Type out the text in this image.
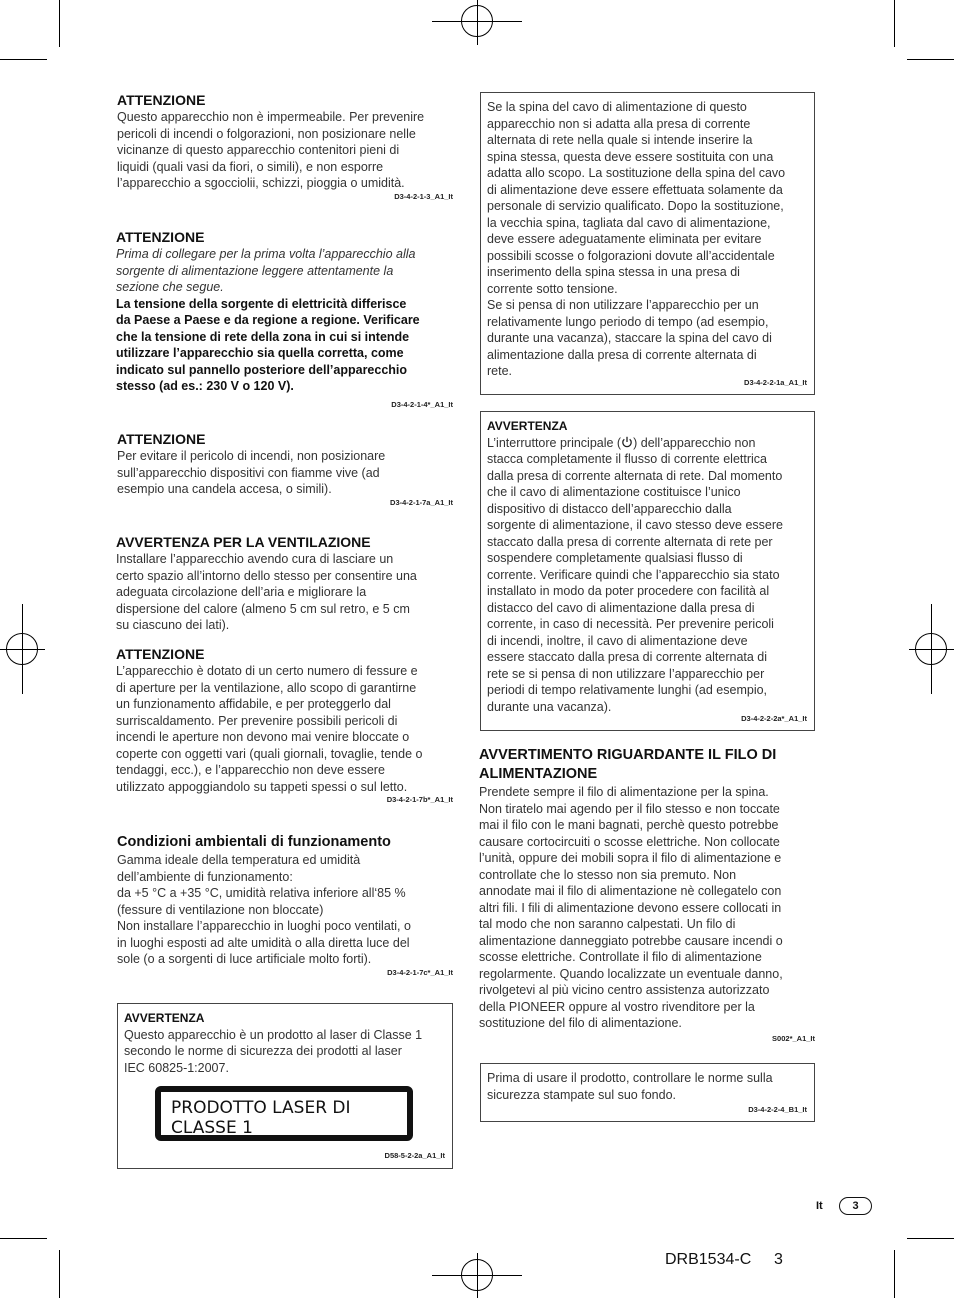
ATTENZIONE

Questo apparecchio non è impermeabile. Per prevenire
pericoli di incendi o folgorazioni, non posizionare nelle
vicinanze di questo apparecchio contenitori pieni di
liquidi (quali vasi da fiori, o simili), e non esporre
l’apparecchio a sgocciolii, schizzi, pioggia o umidità.

D3-4-2-1-3_A1_It

ATTENZIONE

Prima di collegare per la prima volta l’apparecchio alla
sorgente di alimentazione leggere attentamente la
sezione che segue.

La tensione della sorgente di elettricità differisce
da Paese a Paese e da regione a regione. Verificare
che la tensione di rete della zona in cui si intende
utilizzare l’apparecchio sia quella corretta, come
indicato sul pannello posteriore dell’apparecchio
stesso (ad es.: 230 V o 120 V).

D3-4-2-1-4*_A1_It

ATTENZIONE

Per evitare il pericolo di incendi, non posizionare
sull’apparecchio dispositivi con fiamme vive (ad
esempio una candela accesa, o simili).

D3-4-2-1-7a_A1_It

AVVERTENZA PER LA VENTILAZIONE

Installare l’apparecchio avendo cura di lasciare un
certo spazio all’intorno dello stesso per consentire una
adeguata circolazione dell’aria e migliorare la
dispersione del calore (almeno 5 cm sul retro, e 5 cm
su ciascuno dei lati).

ATTENZIONE

L’apparecchio è dotato di un certo numero di fessure e
di aperture per la ventilazione, allo scopo di garantirne
un funzionamento affidabile, e per proteggerlo dal
surriscaldamento. Per prevenire possibili pericoli di
incendi le aperture non devono mai venire bloccate o
coperte con oggetti vari (quali giornali, tovaglie, tende o
tendaggi, ecc.), e l’apparecchio non deve essere
utilizzato appoggiandolo su tappeti spessi o sul letto.

D3-4-2-1-7b*_A1_It

Condizioni ambientali di funzionamento

Gamma ideale della temperatura ed umidità
dell’ambiente di funzionamento:
da +5 °C a +35 °C, umidità relativa inferiore all‘85 %
(fessure di ventilazione non bloccate)
Non installare l’apparecchio in luoghi poco ventilati, o
in luoghi esposti ad alte umidità o alla diretta luce del
sole (o a sorgenti di luce artificiale molto forti).

D3-4-2-1-7c*_A1_It

AVVERTENZA

Questo apparecchio è un prodotto al laser di Classe 1
secondo le norme di sicurezza dei prodotti al laser
IEC 60825-1:2007.

D58-5-2-2a_A1_It
PRODOTTO LASER DI CLASSE 1

Se la spina del cavo di alimentazione di questo
apparecchio non si adatta alla presa di corrente
alternata di rete nella quale si intende inserire la
spina stessa, questa deve essere sostituita con una
adatta allo scopo. La sostituzione della spina del cavo
di alimentazione deve essere effettuata solamente da
personale di servizio qualificato. Dopo la sostituzione,
la vecchia spina, tagliata dal cavo di alimentazione,
deve essere adeguatamente eliminata per evitare
possibili scosse o folgorazioni dovute all’accidentale
inserimento della spina stessa in una presa di
corrente sotto tensione.
Se si pensa di non utilizzare l’apparecchio per un
relativamente lungo periodo di tempo (ad esempio,
durante una vacanza), staccare la spina del cavo di
alimentazione dalla presa di corrente alternata di
rete.

D3-4-2-2-1a_A1_It

AVVERTENZA

L’interruttore principale ( ) dell’apparecchio non

stacca completamente il flusso di corrente elettrica
dalla presa di corrente alternata di rete. Dal momento
che il cavo di alimentazione costituisce l’unico
dispositivo di distacco dell’apparecchio dalla
sorgente di alimentazione, il cavo stesso deve essere
staccato dalla presa di corrente alternata di rete per
sospendere completamente qualsiasi flusso di
corrente. Verificare quindi che l’apparecchio sia stato
installato in modo da poter procedere con facilità al
distacco del cavo di alimentazione dalla presa di
corrente, in caso di necessità. Per prevenire pericoli
di incendi, inoltre, il cavo di alimentazione deve
essere staccato dalla presa di corrente alternata di
rete se si pensa di non utilizzare l’apparecchio per
periodi di tempo relativamente lunghi (ad esempio,
durante una vacanza).

D3-4-2-2-2a*_A1_It

AVVERTIMENTO RIGUARDANTE IL FILO DI
ALIMENTAZIONE

Prendete sempre il filo di alimentazione per la spina.
Non tiratelo mai agendo per il filo stesso e non toccate
mai il filo con le mani bagnati, perchè questo potrebbe
causare cortocircuiti o scosse elettriche. Non collocate
l’unità, oppure dei mobili sopra il filo di alimentazione e
controllate che lo stesso non sia premuto. Non
annodate mai il filo di alimentazione nè collegatelo con
altri fili. I fili di alimentazione devono essere collocati in
tal modo che non saranno calpestati. Un filo di
alimentazione danneggiato potrebbe causare incendi o
scosse elettriche. Controllate il filo di alimentazione
regolarmente. Quando localizzate un eventuale danno,
rivolgetevi al più vicino centro assistenza autorizzato
della PIONEER oppure al vostro rivenditore per la
sostituzione del filo di alimentazione.

S002*_A1_It

Prima di usare il prodotto, controllare le norme sulla
sicurezza stampate sul suo fondo.

D3-4-2-2-4_B1_It
It	3
DRB1534-C 3
